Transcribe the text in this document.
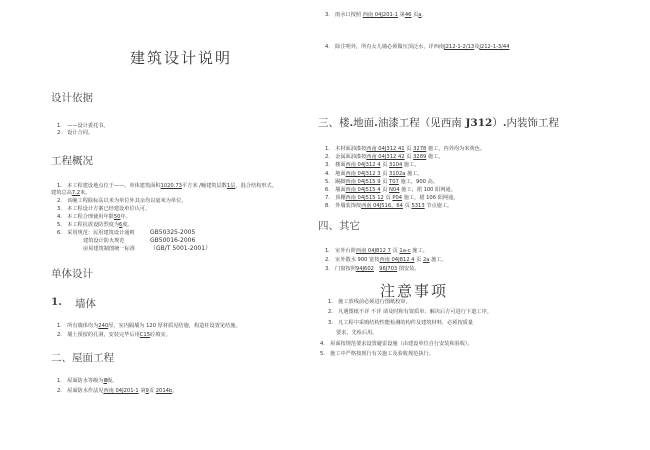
建筑设计说明
设计依据
1.　——设计委托书。
2.　设计合同。
工程概况
1.　本工程建设地点位于——。单体建筑面积1020.73平方米 /幢建筑层数1层，混合结构形式。
建筑总高7.2米。
2.　该幢工程除标高以米为单位外其余均以毫米为单位。
3.　本工程设计方案已经建设单位认可。
4.　本工程合理使用年限50年。
5.　本工程抗震设防烈度为6度。
6.　采用规范：民用建筑设计通则	GB50325-2005
建筑设计防火规范	GB50016-2006
房屋建筑制图统一标准	（GB/T 5001-2001）
单体设计
1. 墙体
1.　所有墙体均为240厚，室内隔墙为 120 厚材质见结施，构造柱设置见结施。
2.　墙上预留的孔洞，安装完毕后用C15砼填实。
二、屋面工程
1.　屋面防水等级为Ⅲ级。
2.　屋面防水作法见西南 04J201-1 第9页 2014b。
3.　雨水口按照 西南 04J201-1 第46 页a。
4.　除注明外，所有女儿墙必须做压顶泛水，详西南J212-1-2/13及J212-1-3/44
三、楼.地面.油漆工程（见西南 J312）.内装饰工程
1.　木材面油漆按西南 04J312 41 页 3278 施工，内外均为米黄色。
2.　金属面油漆按西南 04J312 42 页 3289 施工。
3.　楼面西南 04J312 4 页 3104 施工。
4.　地面西南 04J312 3 页 3102a 施工。
5.　踢脚西南 04J515 9 页 T07 施工，900 高。
6.　墙面西南 04J515 4 页 N04 施工，裙 100 阳网通。
7.　顶棚西南 04J515 12 页 P04 施工，裙 106 阳网通。
8.　外墙装饰按西南 04J516，64 页 5313 节点施工。
四、其它
1.　室外台阶西南 04J812 7 页 1a-c 施工。
2.　室外散水 900 宽按西南 04J812 4 页 2a 施工。
3.　门窗按照94J602　 96J703 图安装。
注意事项
1.　施工放线前必须进行图纸校审。
2.　凡遇图纸不详 不详 请及时和有资质单、解决后方可进行下道工序。
3.　凡工程中采购结构性能检测的构件及建筑材料，必须按质量
要求，先检后用。
4.　屋面按规范要求设置避雷设施（由建设单位自行安装和验收）。
5.　施工中严格按现行有关施工及验收规范执行。
